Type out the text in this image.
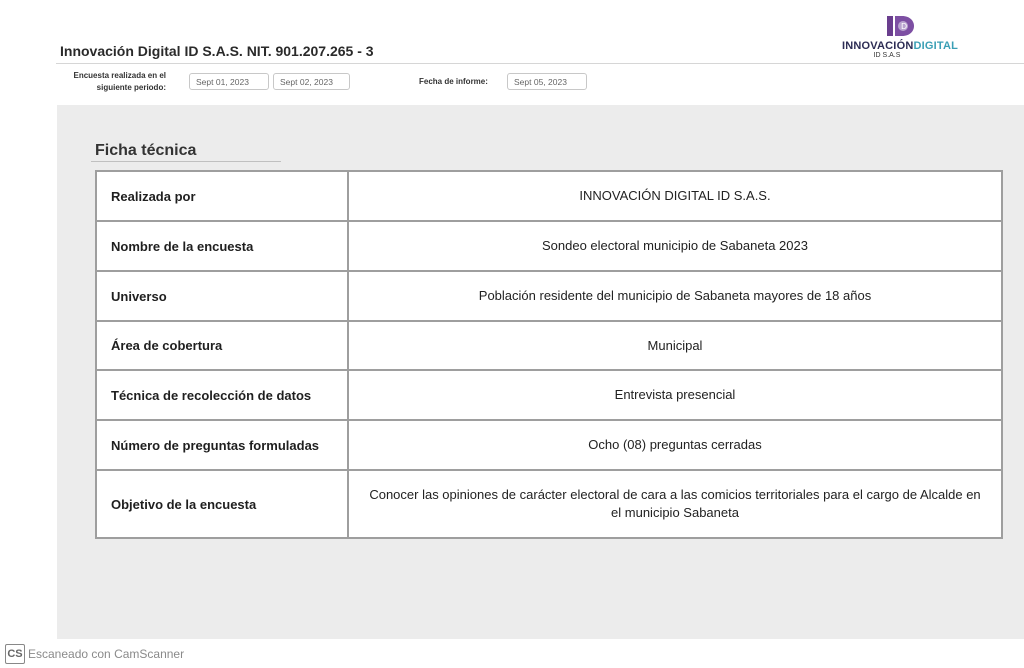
Innovación Digital ID S.A.S. NIT. 901.207.265 - 3
D
INNOVACIÓNDIGITAL
ID S.A.S
Encuesta realizada en el siguiente periodo:
Sept 01, 2023	Sept 02, 2023	Fecha de informe:	Sept 05, 2023
Ficha técnica
Realizada por	INNOVACIÓN DIGITAL ID S.A.S.
Nombre de la encuesta	Sondeo electoral municipio de Sabaneta 2023
Universo	Población residente del municipio de Sabaneta mayores de 18 años
Área de cobertura	Municipal
Técnica de recolección de datos	Entrevista presencial
Número de preguntas formuladas	Ocho (08) preguntas cerradas
Objetivo de la encuesta	Conocer las opiniones de carácter electoral de cara a las comicios territoriales para el cargo de Alcalde en el municipio Sabaneta
CS Escaneado con CamScanner
